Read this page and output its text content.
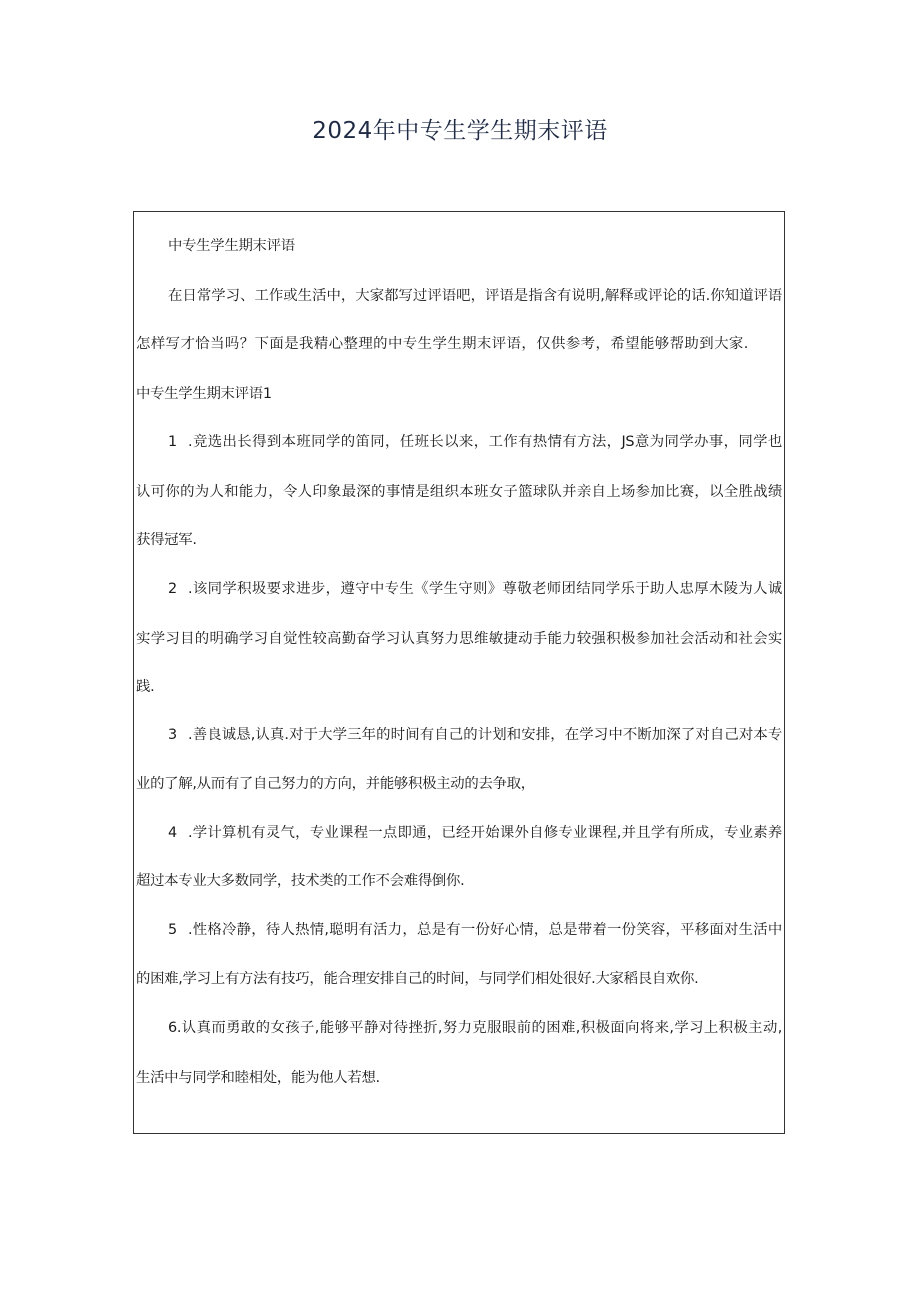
2024年中专生学生期末评语
中专生学生期末评语
在日常学习、工作或生活中，大家都写过评语吧，评语是指含有说明,解释或评论的话.你知道评语
怎样写才恰当吗？下面是我精心整理的中专生学生期末评语，仅供参考，希望能够帮助到大家.
中专生学生期末评语1
1 .竞选出长得到本班同学的笛同，任班长以来，工作有热情有方法，JS意为同学办事，同学也
认可你的为人和能力，令人印象最深的事情是组织本班女子篮球队并亲自上场参加比赛，以全胜战绩
获得冠军.
2 .该同学积圾要求进步，遵守中专生《学生守则》尊敬老师团结同学乐于助人忠厚木陵为人诚
实学习目的明确学习自觉性较高勤奋学习认真努力思维敏捷动手能力较强积极参加社会活动和社会实
践.
3 .善良诚恳,认真.对于大学三年的时间有自己的计划和安排，在学习中不断加深了对自己对本专
业的了解,从而有了自己努力的方向，并能够积极主动的去争取，
4 .学计算机有灵气，专业课程一点即通，已经开始课外自修专业课程,并且学有所成，专业素养
超过本专业大多数同学，技术类的工作不会难得倒你.
5 .性格冷静，待人热情,聪明有活力，总是有一份好心情，总是带着一份笑容，平移面对生活中
的困难,学习上有方法有技巧，能合理安排自己的时间，与同学们相处很好.大家稻艮自欢你.
6.认真而勇敢的女孩子,能够平静对待挫折,努力克服眼前的困难,积极面向将来,学习上积极主动,
生活中与同学和睦相处，能为他人若想.
